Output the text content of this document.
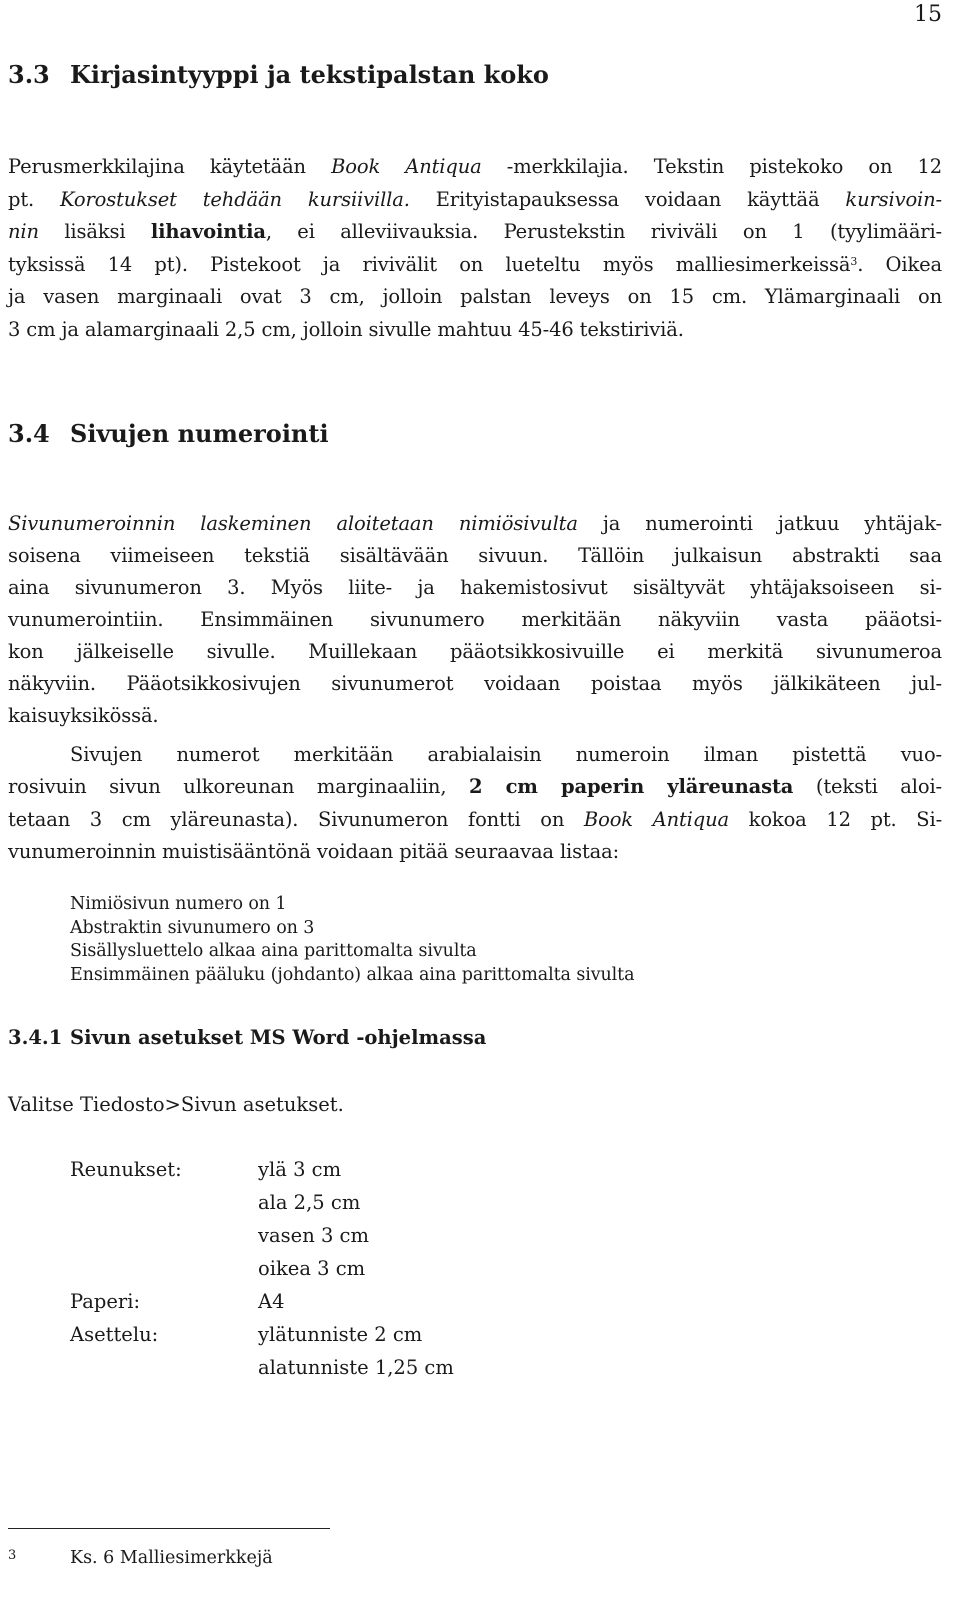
15
3.3 Kirjasintyyppi ja tekstipalstan koko
Perusmerkkilajina käytetään Book Antiqua -merkkilajia. Tekstin pistekoko on 12
pt. Korostukset tehdään kursiivilla. Erityistapauksessa voidaan käyttää kursivoin-
nin lisäksi lihavointia, ei alleviivauksia. Perustekstin riviväli on 1 (tyylimääri-
tyksissä 14 pt). Pistekoot ja rivivälit on lueteltu myös malliesimerkeissä$^3$. Oikea
ja vasen marginaali ovat 3 cm, jolloin palstan leveys on 15 cm. Ylämarginaali on
3 cm ja alamarginaali 2,5 cm, jolloin sivulle mahtuu 45-46 tekstiriviä.
3.4 Sivujen numerointi
Sivunumeroinnin laskeminen aloitetaan nimiösivulta ja numerointi jatkuu yhtäjak-
soisena viimeiseen tekstiä sisältävään sivuun. Tällöin julkaisun abstrakti saa
aina sivunumeron 3. Myös liite- ja hakemistosivut sisältyvät yhtäjaksoiseen si-
vunumerointiin. Ensimmäinen sivunumero merkitään näkyviin vasta pääotsi-
kon jälkeiselle sivulle. Muillekaan pääotsikkosivuille ei merkitä sivunumeroa
näkyviin. Pääotsikkosivujen sivunumerot voidaan poistaa myös jälkikäteen jul-
kaisuyksikössä.
Sivujen numerot merkitään arabialaisin numeroin ilman pistettä vuo-
rosivuin sivun ulkoreunan marginaaliin, 2 cm paperin yläreunasta (teksti aloi-
tetaan 3 cm yläreunasta). Sivunumeron fontti on Book Antiqua kokoa 12 pt. Si-
vunumeroinnin muistisääntönä voidaan pitää seuraavaa listaa:
Nimiösivun numero on 1
Abstraktin sivunumero on 3
Sisällysluettelo alkaa aina parittomalta sivulta
Ensimmäinen pääluku (johdanto) alkaa aina parittomalta sivulta
3.4.1 Sivun asetukset MS Word -ohjelmassa
Valitse Tiedosto>Sivun asetukset.
Reunukset:	ylä 3 cm
ala 2,5 cm
vasen 3 cm
oikea 3 cm
Paperi:	A4
Asettelu:	ylätunniste 2 cm
alatunniste 1,25 cm
3	Ks. 6 Malliesimerkkejä
